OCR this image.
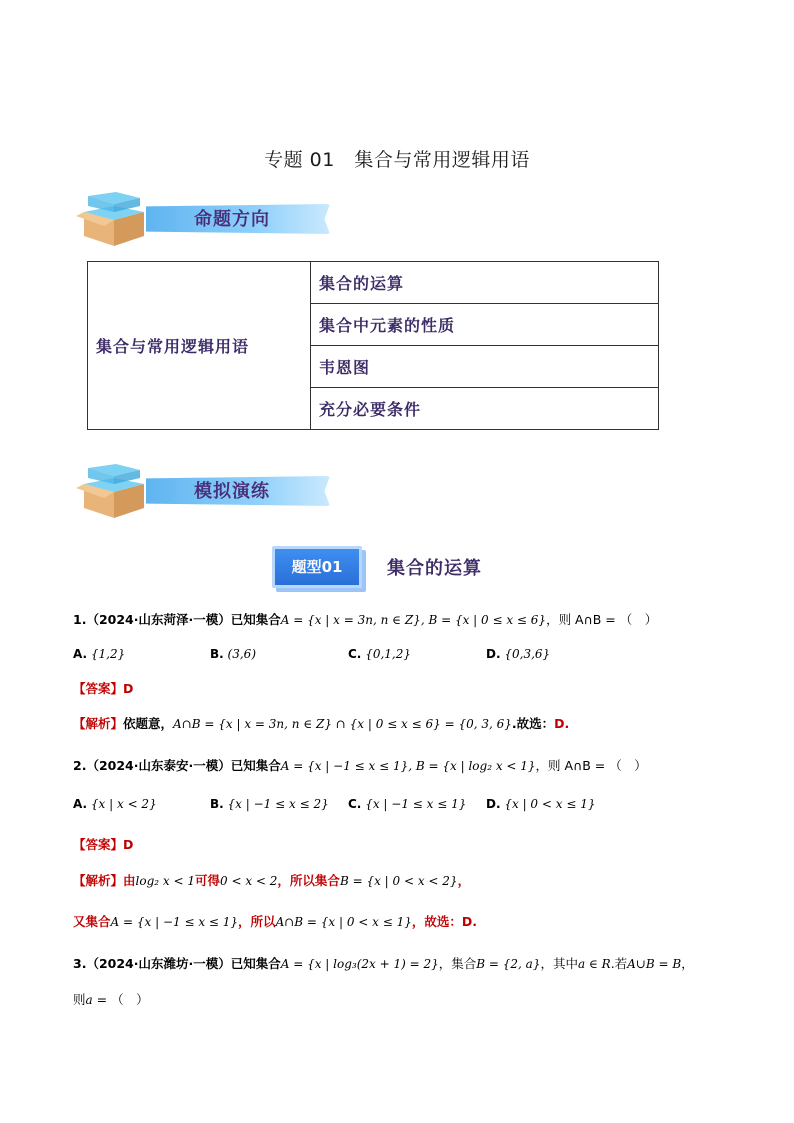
专题 01　集合与常用逻辑用语
命题方向
集合与常用逻辑用语	集合的运算
集合中元素的性质
韦恩图
充分必要条件
模拟演练
题型01	集合的运算
1.（2024·山东菏泽·一模）已知集合A = {x | x = 3n, n ∈ Z}, B = {x | 0 ≤ x ≤ 6}，则 A∩B = （　）
A. {1,2}	B. (3,6)	C. {0,1,2}	D. {0,3,6}
【答案】D
【解析】依题意，A∩B = {x | x = 3n, n ∈ Z} ∩ {x | 0 ≤ x ≤ 6} = {0, 3, 6}.故选：D.
2.（2024·山东泰安·一模）已知集合A = {x | −1 ≤ x ≤ 1}, B = {x | log₂ x < 1}，则 A∩B = （　）
A. {x | x < 2}	B. {x | −1 ≤ x ≤ 2} C. {x | −1 ≤ x ≤ 1} D. {x | 0 < x ≤ 1}
【答案】D
【解析】由log₂ x < 1可得0 < x < 2，所以集合B = {x | 0 < x < 2}，
又集合A = {x | −1 ≤ x ≤ 1}，所以A∩B = {x | 0 < x ≤ 1}，故选：D.
3.（2024·山东潍坊·一模）已知集合A = {x | log₃(2x + 1) = 2}，集合B = {2, a}，其中a ∈ R.若A∪B = B，
则a = （　）
